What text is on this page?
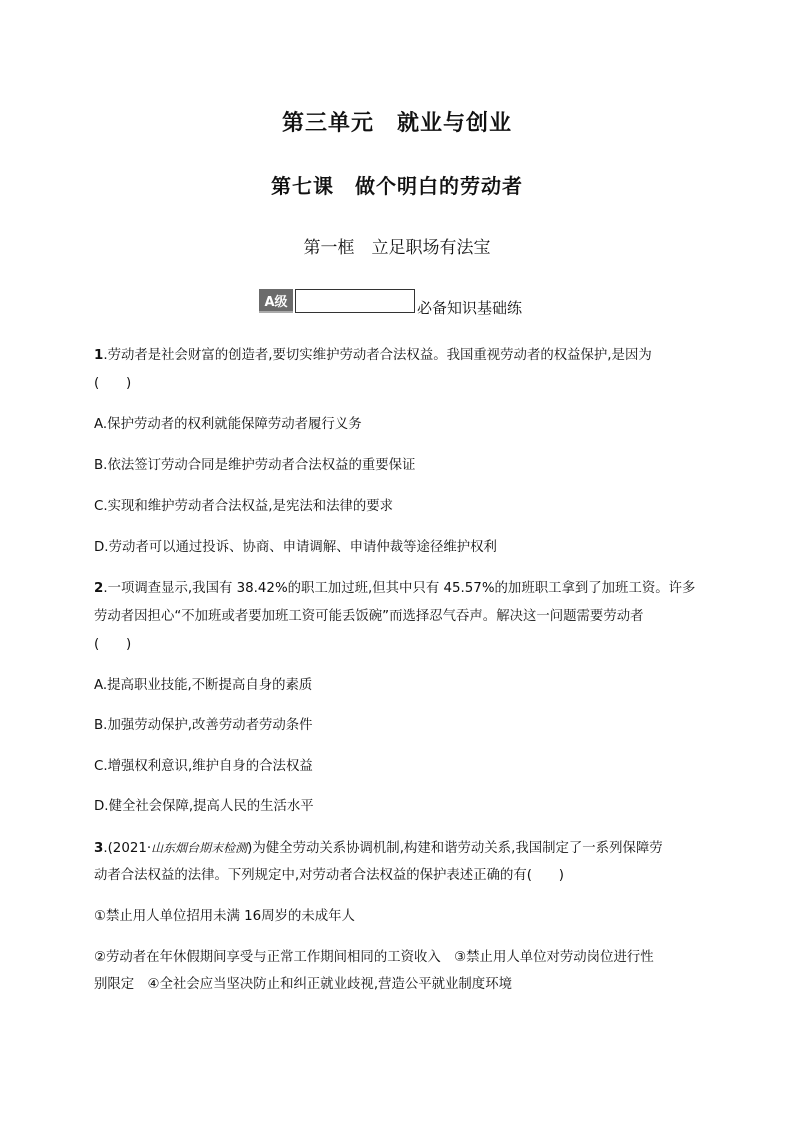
第三单元　就业与创业
第七课　做个明白的劳动者
第一框　立足职场有法宝
A级	必备知识基础练
1.劳动者是社会财富的创造者,要切实维护劳动者合法权益。我国重视劳动者的权益保护,是因为
(　　)
A.保护劳动者的权利就能保障劳动者履行义务
B.依法签订劳动合同是维护劳动者合法权益的重要保证
C.实现和维护劳动者合法权益,是宪法和法律的要求
D.劳动者可以通过投诉、协商、申请调解、申请仲裁等途径维护权利
2.一项调查显示,我国有 38.42%的职工加过班,但其中只有 45.57%的加班职工拿到了加班工资。许多
劳动者因担心“不加班或者要加班工资可能丢饭碗”而选择忍气吞声。解决这一问题需要劳动者
(　　)
A.提高职业技能,不断提高自身的素质
B.加强劳动保护,改善劳动者劳动条件
C.增强权利意识,维护自身的合法权益
D.健全社会保障,提高人民的生活水平
3.(2021·山东烟台期末检测)为健全劳动关系协调机制,构建和谐劳动关系,我国制定了一系列保障劳
动者合法权益的法律。下列规定中,对劳动者合法权益的保护表述正确的有(　　)
①禁止用人单位招用未满 16周岁的未成年人
②劳动者在年休假期间享受与正常工作期间相同的工资收入　③禁止用人单位对劳动岗位进行性
别限定　④全社会应当坚决防止和纠正就业歧视,营造公平就业制度环境
